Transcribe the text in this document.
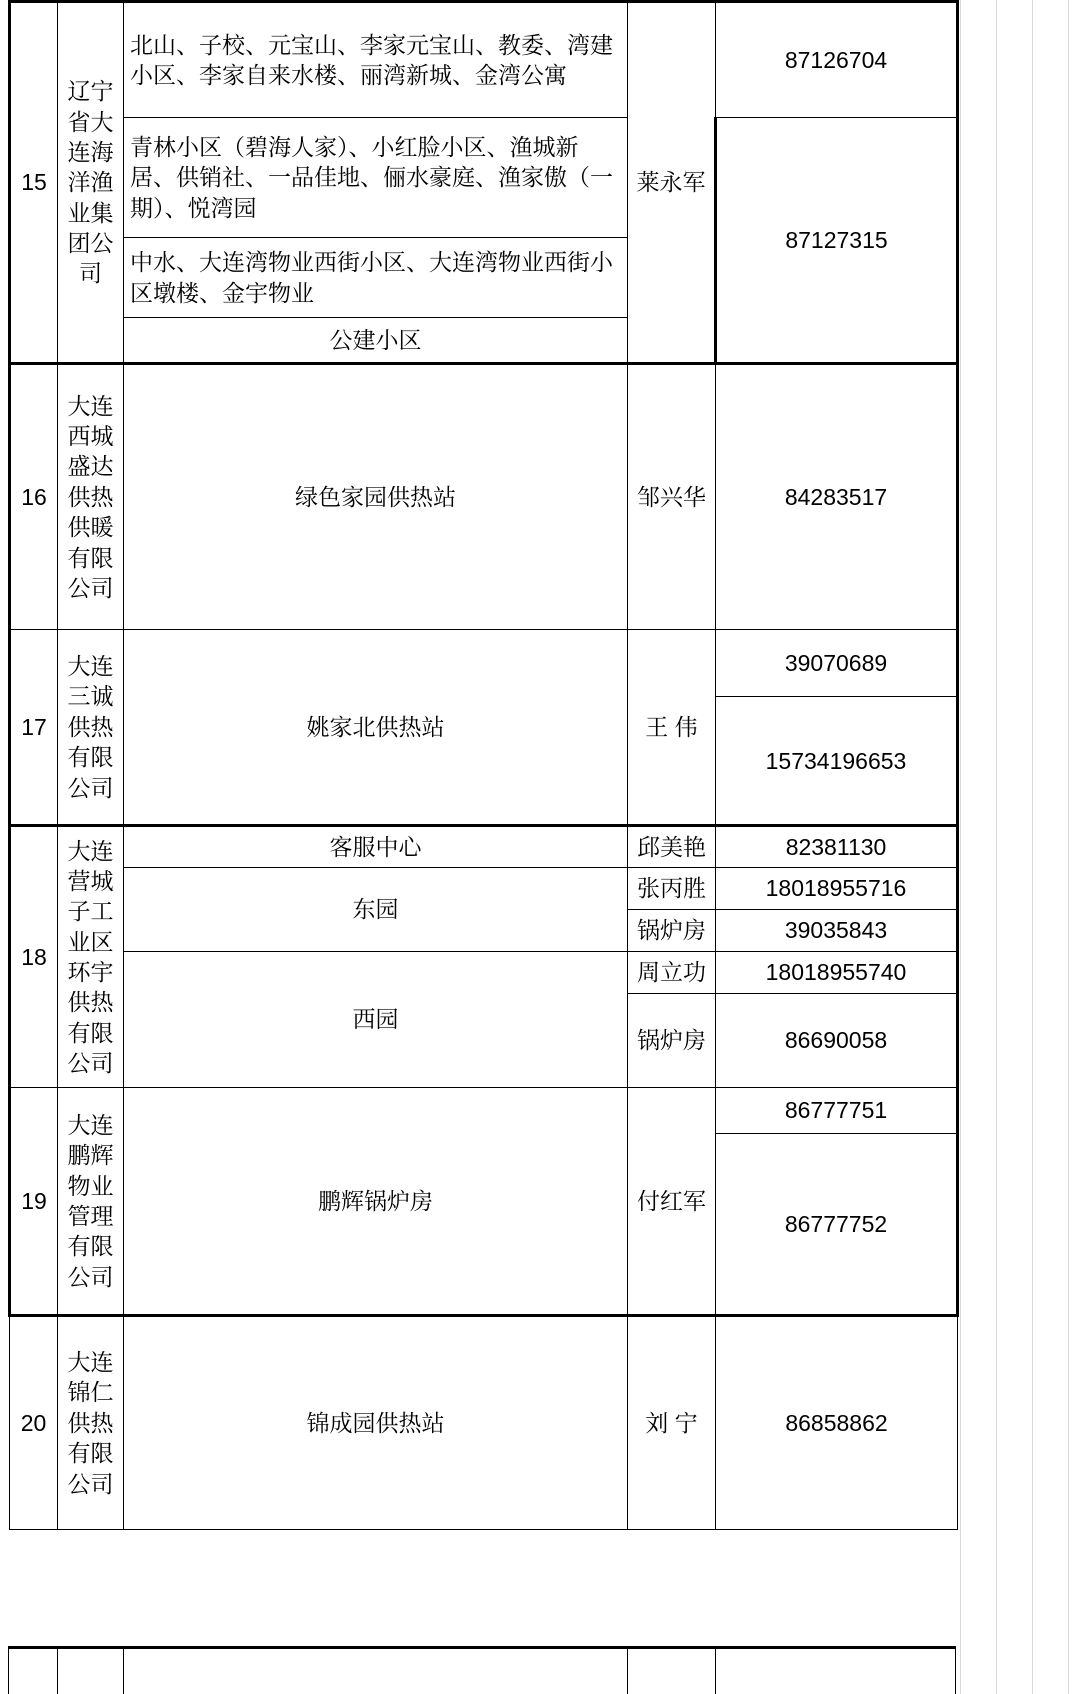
15	辽宁省大连海洋渔业集团公司	北山、子校、元宝山、李家元宝山、教委、湾建小区、李家自来水楼、丽湾新城、金湾公寓	莱永军	87126704
		青林小区（碧海人家）、小红脸小区、渔城新居、供销社、一品佳地、俪水豪庭、渔家傲（一期）、悦湾园		87127315
		中水、大连湾物业西街小区、大连湾物业西街小区墩楼、金宇物业		
		公建小区		
16	大连西城盛达供热供暖有限公司	绿色家园供热站	邹兴华	84283517
17	大连三诚供热有限公司	姚家北供热站	王 伟	39070689
				15734196653
18	大连营城子工业区环宇供热有限公司	客服中心	邱美艳	82381130
		东园	张丙胜	18018955716
			锅炉房	39035843
		西园	周立功	18018955740
			锅炉房	86690058
19	大连鹏辉物业管理有限公司	鹏辉锅炉房	付红军	86777751
				86777752
20	大连锦仁供热有限公司	锦成园供热站	刘 宁	86858862
